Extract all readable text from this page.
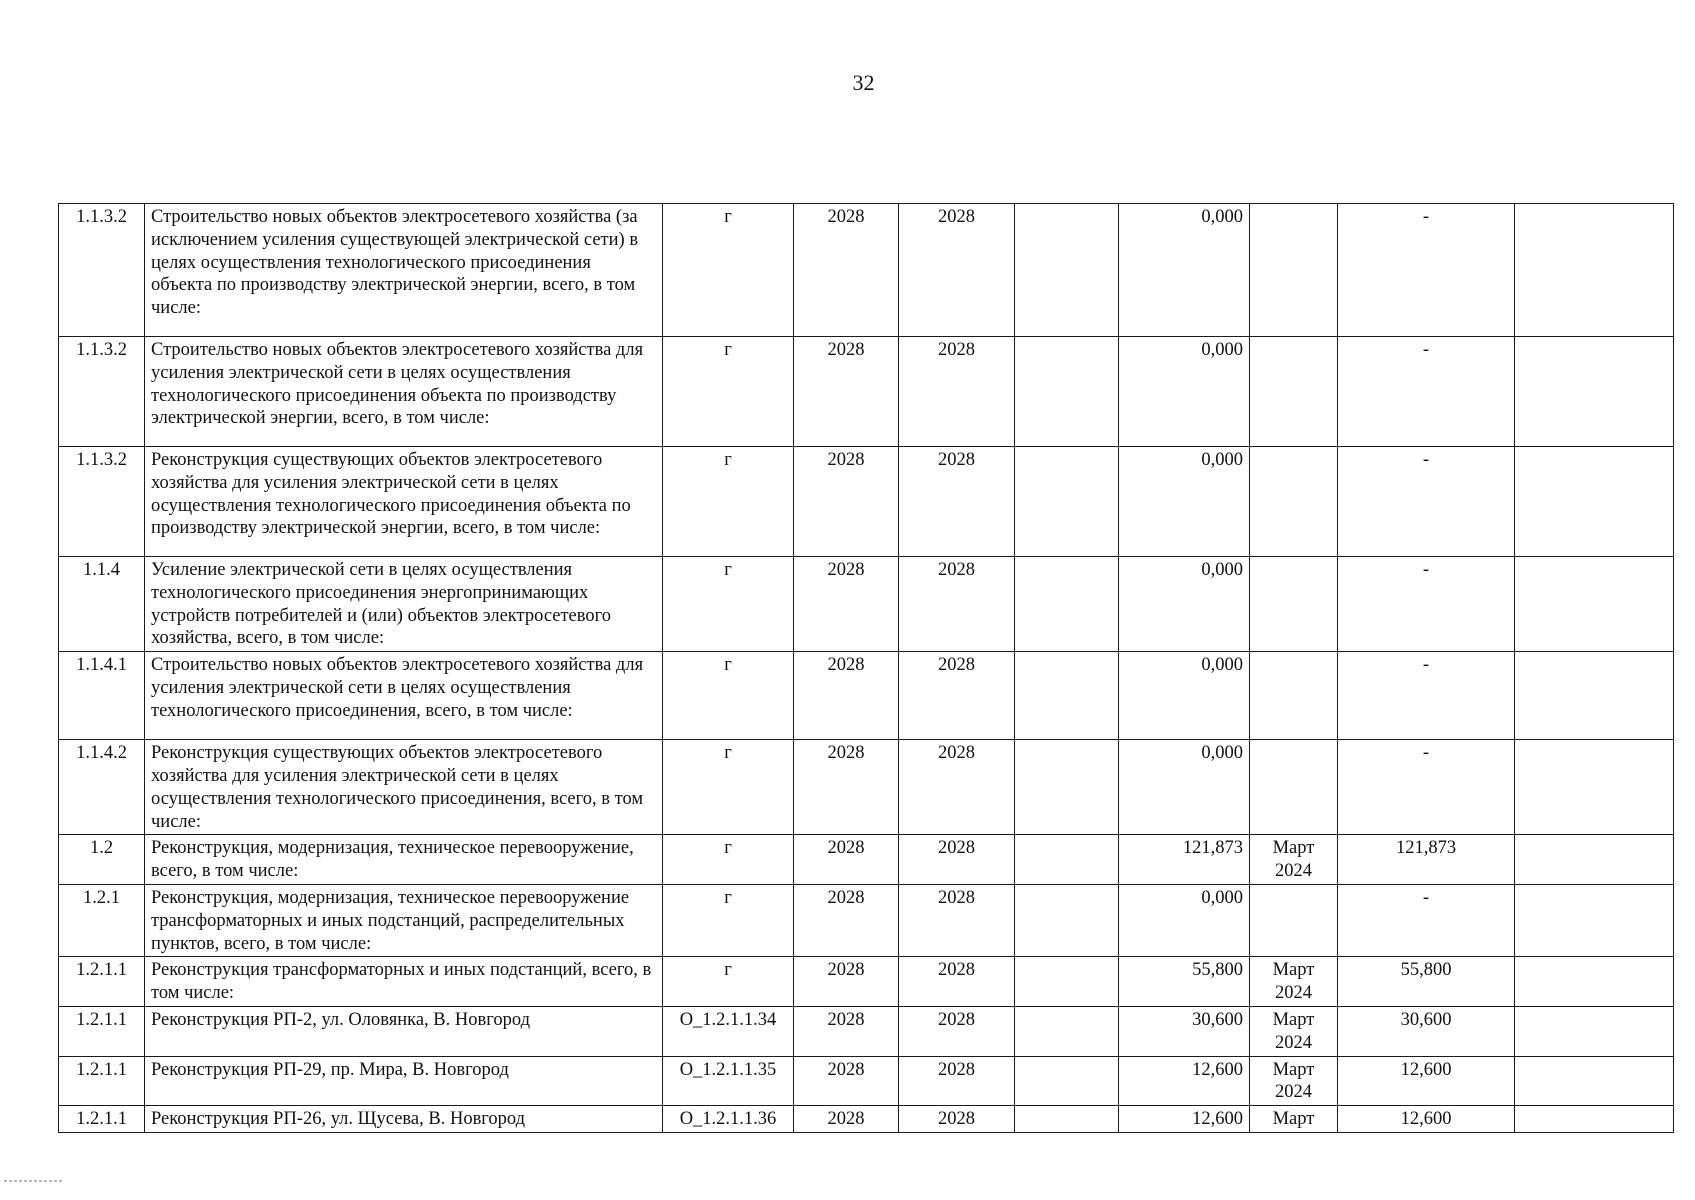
32
1.1.3.2	Строительство новых объектов электросетевого хозяйства (за исключением усиления существующей электрической сети) в целях осуществления технологического присоединения объекта по производству электрической энергии, всего, в том числе:	г	2028	2028		0,000		-	
1.1.3.2	Строительство новых объектов электросетевого хозяйства для усиления электрической сети в целях осуществления технологического присоединения объекта по производству электрической энергии, всего, в том числе:	г	2028	2028		0,000		-	
1.1.3.2	Реконструкция существующих объектов электросетевого хозяйства для усиления электрической сети в целях осуществления технологического присоединения объекта по производству электрической энергии, всего, в том числе:	г	2028	2028		0,000		-	
1.1.4	Усиление электрической сети в целях осуществления технологического присоединения энергопринимающих устройств потребителей и (или) объектов электросетевого хозяйства, всего, в том числе:	г	2028	2028		0,000		-	
1.1.4.1	Строительство новых объектов электросетевого хозяйства для усиления электрической сети в целях осуществления технологического присоединения, всего, в том числе:	г	2028	2028		0,000		-	
1.1.4.2	Реконструкция существующих объектов электросетевого хозяйства для усиления электрической сети в целях осуществления технологического присоединения, всего, в том числе:	г	2028	2028		0,000		-	
1.2	Реконструкция, модернизация, техническое перевооружение, всего, в том числе:	г	2028	2028		121,873	Март 2024	121,873	
1.2.1	Реконструкция, модернизация, техническое перевооружение трансформаторных и иных подстанций, распределительных пунктов, всего, в том числе:	г	2028	2028		0,000		-	
1.2.1.1	Реконструкция трансформаторных и иных подстанций, всего, в том числе:	г	2028	2028		55,800	Март 2024	55,800	
1.2.1.1	Реконструкция РП-2, ул. Оловянка, В. Новгород	O_1.2.1.1.34	2028	2028		30,600	Март 2024	30,600	
1.2.1.1	Реконструкция РП-29, пр. Мира, В. Новгород	O_1.2.1.1.35	2028	2028		12,600	Март 2024	12,600	
1.2.1.1	Реконструкция РП-26, ул. Щусева, В. Новгород	O_1.2.1.1.36	2028	2028		12,600	Март	12,600	
